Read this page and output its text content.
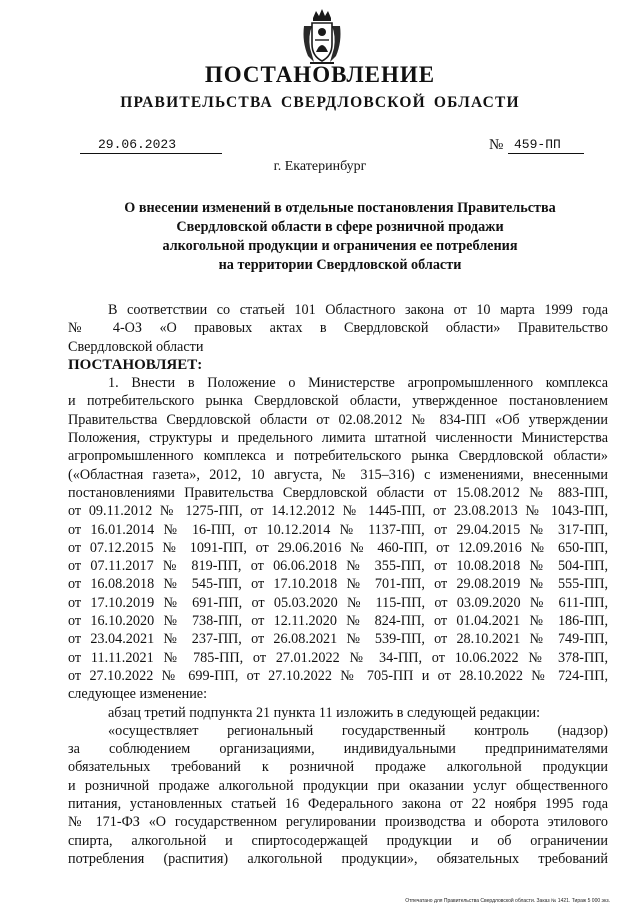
ПОСТАНОВЛЕНИЕ
ПРАВИТЕЛЬСТВА СВЕРДЛОВСКОЙ ОБЛАСТИ
29.06.2023	№ 459-ПП
г. Екатеринбург
О внесении изменений в отдельные постановления Правительства
Свердловской области в сфере розничной продажи
алкогольной продукции и ограничения ее потребления
на территории Свердловской области
В соответствии со статьей 101 Областного закона от 10 марта 1999 года
№ 4-ОЗ «О правовых актах в Свердловской области» Правительство
Свердловской области
ПОСТАНОВЛЯЕТ:
1. Внести в Положение о Министерстве агропромышленного комплекса
и потребительского рынка Свердловской области, утвержденное постановлением
Правительства Свердловской области от 02.08.2012 № 834-ПП «Об утверждении
Положения, структуры и предельного лимита штатной численности Министерства
агропромышленного комплекса и потребительского рынка Свердловской области»
(«Областная газета», 2012, 10 августа, № 315–316) с изменениями, внесенными
постановлениями Правительства Свердловской области от 15.08.2012 № 883-ПП,
от 09.11.2012 № 1275-ПП, от 14.12.2012 № 1445-ПП, от 23.08.2013 № 1043-ПП,
от 16.01.2014 № 16-ПП, от 10.12.2014 № 1137-ПП, от 29.04.2015 № 317-ПП,
от 07.12.2015 № 1091-ПП, от 29.06.2016 № 460-ПП, от 12.09.2016 № 650-ПП,
от 07.11.2017 № 819-ПП, от 06.06.2018 № 355-ПП, от 10.08.2018 № 504-ПП,
от 16.08.2018 № 545-ПП, от 17.10.2018 № 701-ПП, от 29.08.2019 № 555-ПП,
от 17.10.2019 № 691-ПП, от 05.03.2020 № 115-ПП, от 03.09.2020 № 611-ПП,
от 16.10.2020 № 738-ПП, от 12.11.2020 № 824-ПП, от 01.04.2021 № 186-ПП,
от 23.04.2021 № 237-ПП, от 26.08.2021 № 539-ПП, от 28.10.2021 № 749-ПП,
от 11.11.2021 № 785-ПП, от 27.01.2022 № 34-ПП, от 10.06.2022 № 378-ПП,
от 27.10.2022 № 699-ПП, от 27.10.2022 № 705-ПП и от 28.10.2022 № 724-ПП,
следующее изменение:
абзац третий подпункта 21 пункта 11 изложить в следующей редакции:
«осуществляет региональный государственный контроль (надзор)
за соблюдением организациями, индивидуальными предпринимателями
обязательных требований к розничной продаже алкогольной продукции
и розничной продаже алкогольной продукции при оказании услуг общественного
питания, установленных статьей 16 Федерального закона от 22 ноября 1995 года
№ 171-ФЗ «О государственном регулировании производства и оборота этилового
спирта, алкогольной и спиртосодержащей продукции и об ограничении
потребления (распития) алкогольной продукции», обязательных требований
Отпечатано для Правительства Свердловской области. Заказ № 1421. Тираж 5 000 экз.
